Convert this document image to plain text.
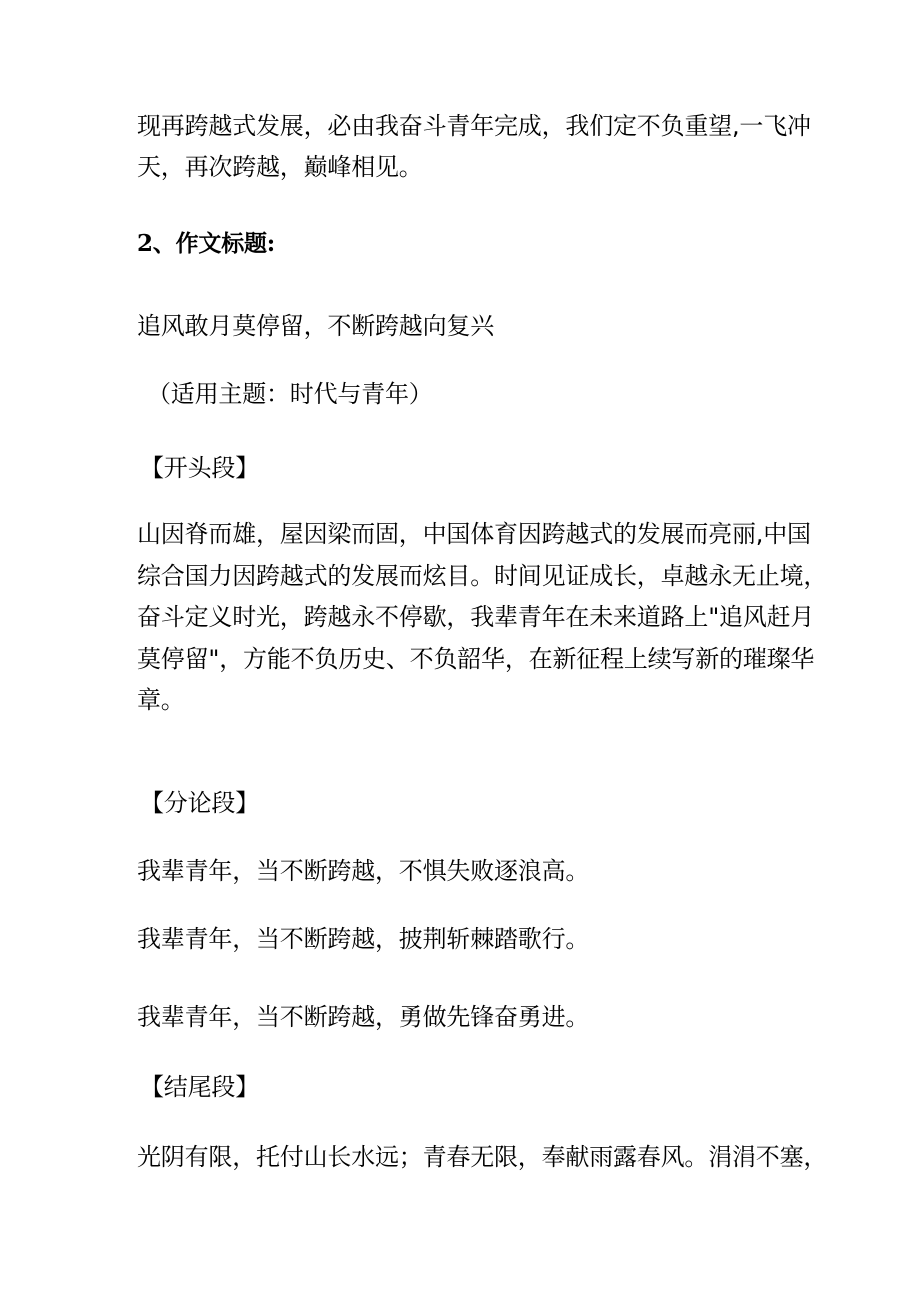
现再跨越式发展，必由我奋斗青年完成，我们定不负重望,一飞冲
天，再次跨越，巅峰相见。
2、作文标题:
追风敢月莫停留，不断跨越向复兴
（适用主题：时代与青年）
【开头段】
山因脊而雄，屋因梁而固，中国体育因跨越式的发展而亮丽,中国
综合国力因跨越式的发展而炫目。时间见证成长，卓越永无止境，
奋斗定义时光，跨越永不停歇，我辈青年在未来道路上"追风赶月
莫停留"，方能不负历史、不负韶华，在新征程上续写新的璀璨华
章。
【分论段】
我辈青年，当不断跨越，不惧失败逐浪高。
我辈青年，当不断跨越，披荆斩棘踏歌行。
我辈青年，当不断跨越，勇做先锋奋勇进。
【结尾段】
光阴有限，托付山长水远；青春无限，奉献雨露春风。涓涓不塞，
